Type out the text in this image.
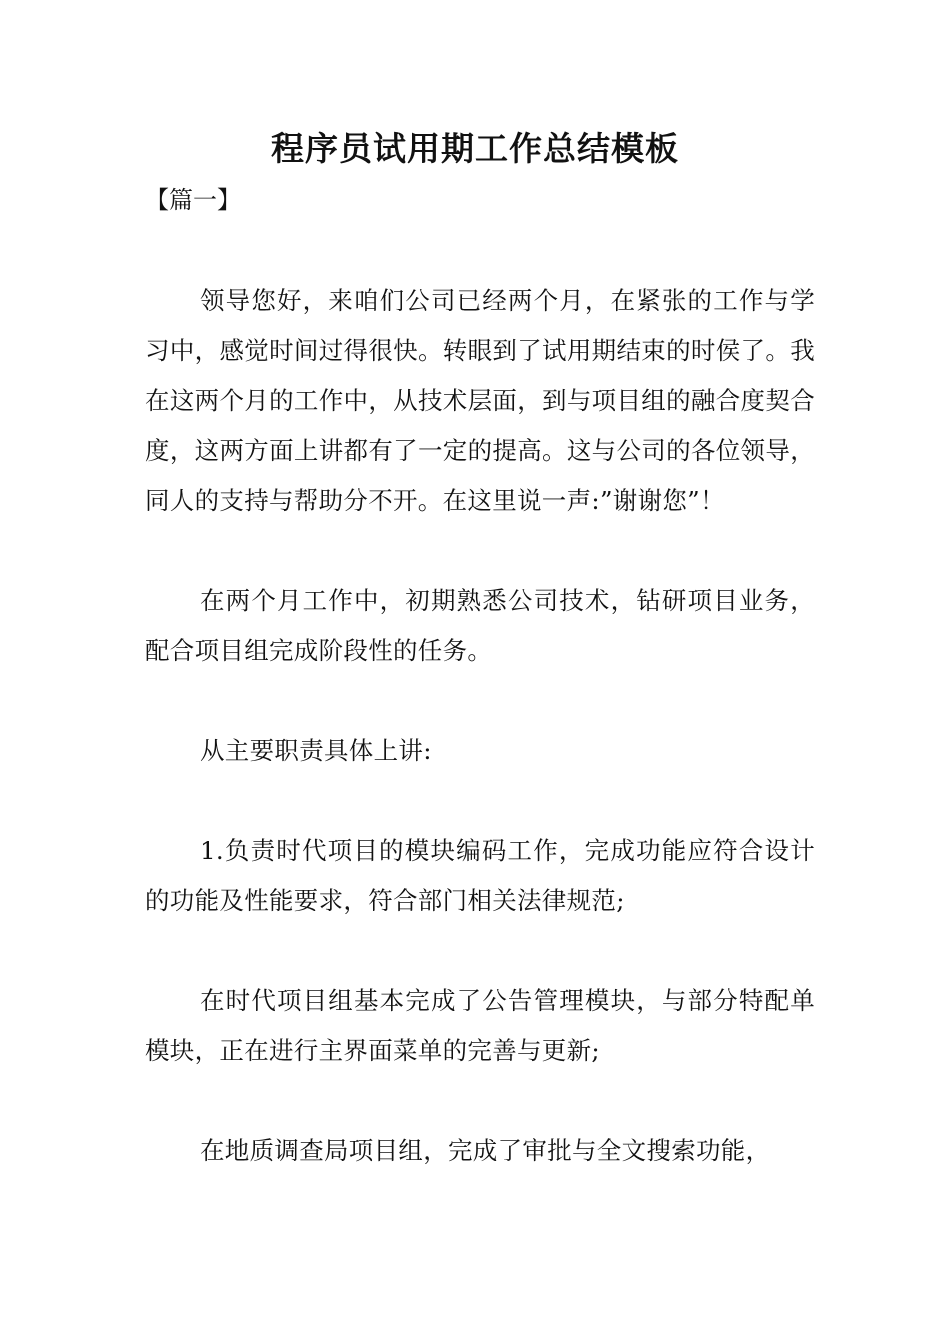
程序员试用期工作总结模板
【篇一】

领导您好，来咱们公司已经两个月，在紧张的工作与学习中，感觉时间过得很快。转眼到了试用期结束的时侯了。我在这两个月的工作中，从技术层面，到与项目组的融合度契合度，这两方面上讲都有了一定的提高。这与公司的各位领导，同人的支持与帮助分不开。在这里说一声:”谢谢您”！

在两个月工作中，初期熟悉公司技术，钻研项目业务，配合项目组完成阶段性的任务。

从主要职责具体上讲:

1.负责时代项目的模块编码工作，完成功能应符合设计的功能及性能要求，符合部门相关法律规范;

在时代项目组基本完成了公告管理模块，与部分特配单模块，正在进行主界面菜单的完善与更新;

在地质调查局项目组，完成了审批与全文搜索功能，
